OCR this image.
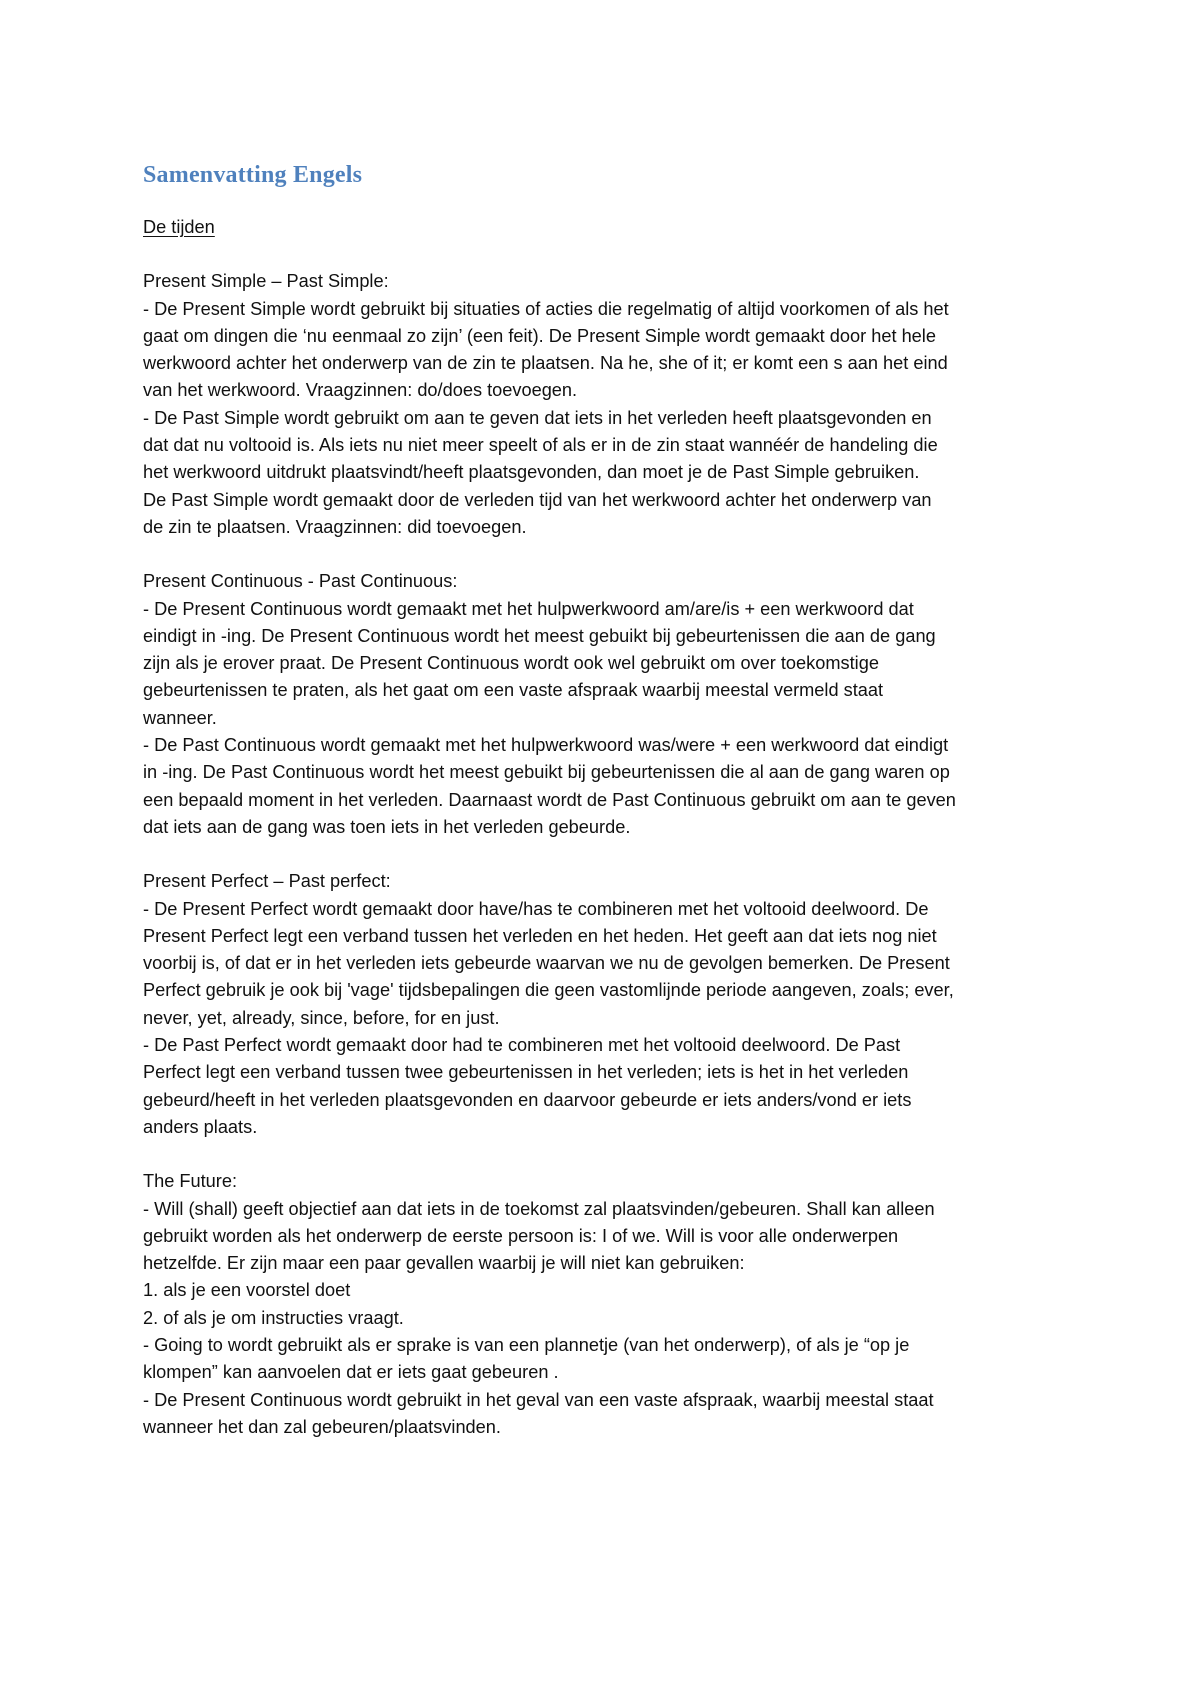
Samenvatting Engels
De tijden
Present Simple – Past Simple:
- De Present Simple wordt gebruikt bij situaties of acties die regelmatig of altijd voorkomen of als het
gaat om dingen die ‘nu eenmaal zo zijn’ (een feit). De Present Simple wordt gemaakt door het hele
werkwoord achter het onderwerp van de zin te plaatsen. Na he, she of it; er komt een s aan het eind
van het werkwoord. Vraagzinnen: do/does toevoegen.
- De Past Simple wordt gebruikt om aan te geven dat iets in het verleden heeft plaatsgevonden en
dat dat nu voltooid is. Als iets nu niet meer speelt of als er in de zin staat wannéér de handeling die
het werkwoord uitdrukt plaatsvindt/heeft plaatsgevonden, dan moet je de Past Simple gebruiken.
De Past Simple wordt gemaakt door de verleden tijd van het werkwoord achter het onderwerp van
de zin te plaatsen. Vraagzinnen: did toevoegen.
Present Continuous - Past Continuous:
- De Present Continuous wordt gemaakt met het hulpwerkwoord am/are/is + een werkwoord dat
eindigt in -ing. De Present Continuous wordt het meest gebuikt bij gebeurtenissen die aan de gang
zijn als je erover praat. De Present Continuous wordt ook wel gebruikt om over toekomstige
gebeurtenissen te praten, als het gaat om een vaste afspraak waarbij meestal vermeld staat
wanneer.
- De Past Continuous wordt gemaakt met het hulpwerkwoord was/were + een werkwoord dat eindigt
in -ing. De Past Continuous wordt het meest gebuikt bij gebeurtenissen die al aan de gang waren op
een bepaald moment in het verleden. Daarnaast wordt de Past Continuous gebruikt om aan te geven
dat iets aan de gang was toen iets in het verleden gebeurde.
Present Perfect – Past perfect:
- De Present Perfect wordt gemaakt door have/has te combineren met het voltooid deelwoord. De
Present Perfect legt een verband tussen het verleden en het heden. Het geeft aan dat iets nog niet
voorbij is, of dat er in het verleden iets gebeurde waarvan we nu de gevolgen bemerken. De Present
Perfect gebruik je ook bij 'vage' tijdsbepalingen die geen vastomlijnde periode aangeven, zoals; ever,
never, yet, already, since, before, for en just.
- De Past Perfect wordt gemaakt door had te combineren met het voltooid deelwoord. De Past
Perfect legt een verband tussen twee gebeurtenissen in het verleden; iets is het in het verleden
gebeurd/heeft in het verleden plaatsgevonden en daarvoor gebeurde er iets anders/vond er iets
anders plaats.
The Future:
- Will (shall) geeft objectief aan dat iets in de toekomst zal plaatsvinden/gebeuren. Shall kan alleen
gebruikt worden als het onderwerp de eerste persoon is: I of we. Will is voor alle onderwerpen
hetzelfde. Er zijn maar een paar gevallen waarbij je will niet kan gebruiken:
1. als je een voorstel doet
2. of als je om instructies vraagt.
- Going to wordt gebruikt als er sprake is van een plannetje (van het onderwerp), of als je “op je
klompen” kan aanvoelen dat er iets gaat gebeuren .
- De Present Continuous wordt gebruikt in het geval van een vaste afspraak, waarbij meestal staat
wanneer het dan zal gebeuren/plaatsvinden.
